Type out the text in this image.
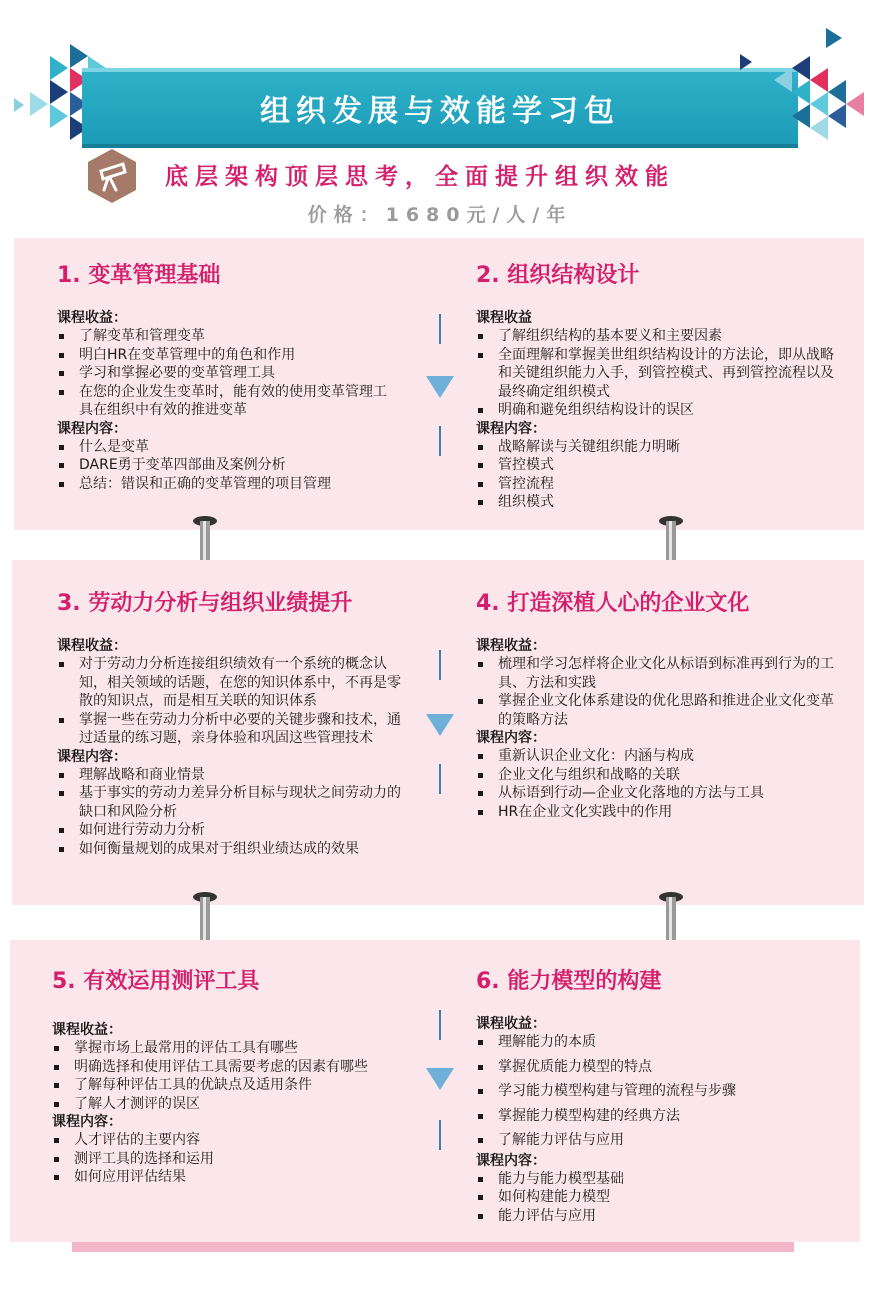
组织发展与效能学习包
底层架构顶层思考，全面提升组织效能
价格：1680元/人/年
1. 变革管理基础
课程收益：
了解变革和管理变革
明白HR在变革管理中的角色和作用
学习和掌握必要的变革管理工具
在您的企业发生变革时，能有效的使用变革管理工具在组织中有效的推进变革
课程内容：
什么是变革
DARE勇于变革四部曲及案例分析
总结：错误和正确的变革管理的项目管理
2. 组织结构设计
课程收益
了解组织结构的基本要义和主要因素
全面理解和掌握美世组织结构设计的方法论，即从战略和关键组织能力入手，到管控模式、再到管控流程以及最终确定组织模式
明确和避免组织结构设计的误区
课程内容：
战略解读与关键组织能力明晰
管控模式
管控流程
组织模式
3. 劳动力分析与组织业绩提升
课程收益：
对于劳动力分析连接组织绩效有一个系统的概念认知，相关领域的话题，在您的知识体系中，不再是零散的知识点，而是相互关联的知识体系
掌握一些在劳动力分析中必要的关键步骤和技术，通过适量的练习题，亲身体验和巩固这些管理技术
课程内容：
理解战略和商业情景
基于事实的劳动力差异分析目标与现状之间劳动力的缺口和风险分析
如何进行劳动力分析
如何衡量规划的成果对于组织业绩达成的效果
4. 打造深植人心的企业文化
课程收益：
梳理和学习怎样将企业文化从标语到标准再到行为的工具、方法和实践
掌握企业文化体系建设的优化思路和推进企业文化变革的策略方法
课程内容：
重新认识企业文化：内涵与构成
企业文化与组织和战略的关联
从标语到行动—企业文化落地的方法与工具
HR在企业文化实践中的作用
5. 有效运用测评工具
课程收益：
掌握市场上最常用的评估工具有哪些
明确选择和使用评估工具需要考虑的因素有哪些
了解每种评估工具的优缺点及适用条件
了解人才测评的误区
课程内容：
人才评估的主要内容
测评工具的选择和运用
如何应用评估结果
6. 能力模型的构建
课程收益：
理解能力的本质
掌握优质能力模型的特点
学习能力模型构建与管理的流程与步骤
掌握能力模型构建的经典方法
了解能力评估与应用
课程内容：
能力与能力模型基础
如何构建能力模型
能力评估与应用
